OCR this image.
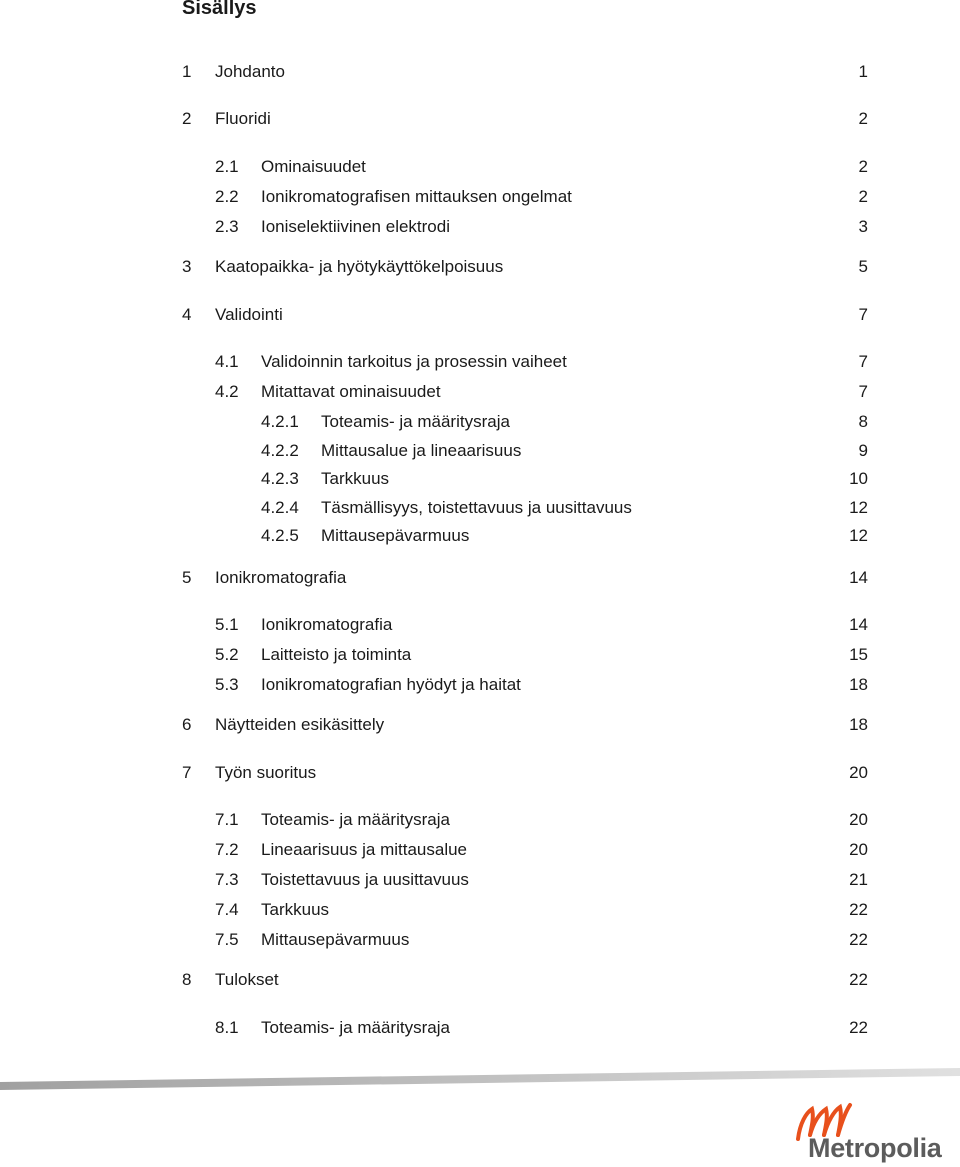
Sisällys
1 Johdanto	1
2 Fluoridi	2
2.1 Ominaisuudet	2
2.2 Ionikromatografisen mittauksen ongelmat	2
2.3 Ioniselektiivinen elektrodi	3
3 Kaatopaikka- ja hyötykäyttökelpoisuus	5
4 Validointi	7
4.1 Validoinnin tarkoitus ja prosessin vaiheet	7
4.2 Mitattavat ominaisuudet	7
4.2.1 Toteamis- ja määritysraja	8
4.2.2 Mittausalue ja lineaarisuus	9
4.2.3 Tarkkuus	10
4.2.4 Täsmällisyys, toistettavuus ja uusittavuus	12
4.2.5 Mittausepävarmuus	12
5 Ionikromatografia	14
5.1 Ionikromatografia	14
5.2 Laitteisto ja toiminta	15
5.3 Ionikromatografian hyödyt ja haitat	18
6 Näytteiden esikäsittely	18
7 Työn suoritus	20
7.1 Toteamis- ja määritysraja	20
7.2 Lineaarisuus ja mittausalue	20
7.3 Toistettavuus ja uusittavuus	21
7.4 Tarkkuus	22
7.5 Mittausepävarmuus	22
8 Tulokset	22
8.1 Toteamis- ja määritysraja	22
Metropolia
